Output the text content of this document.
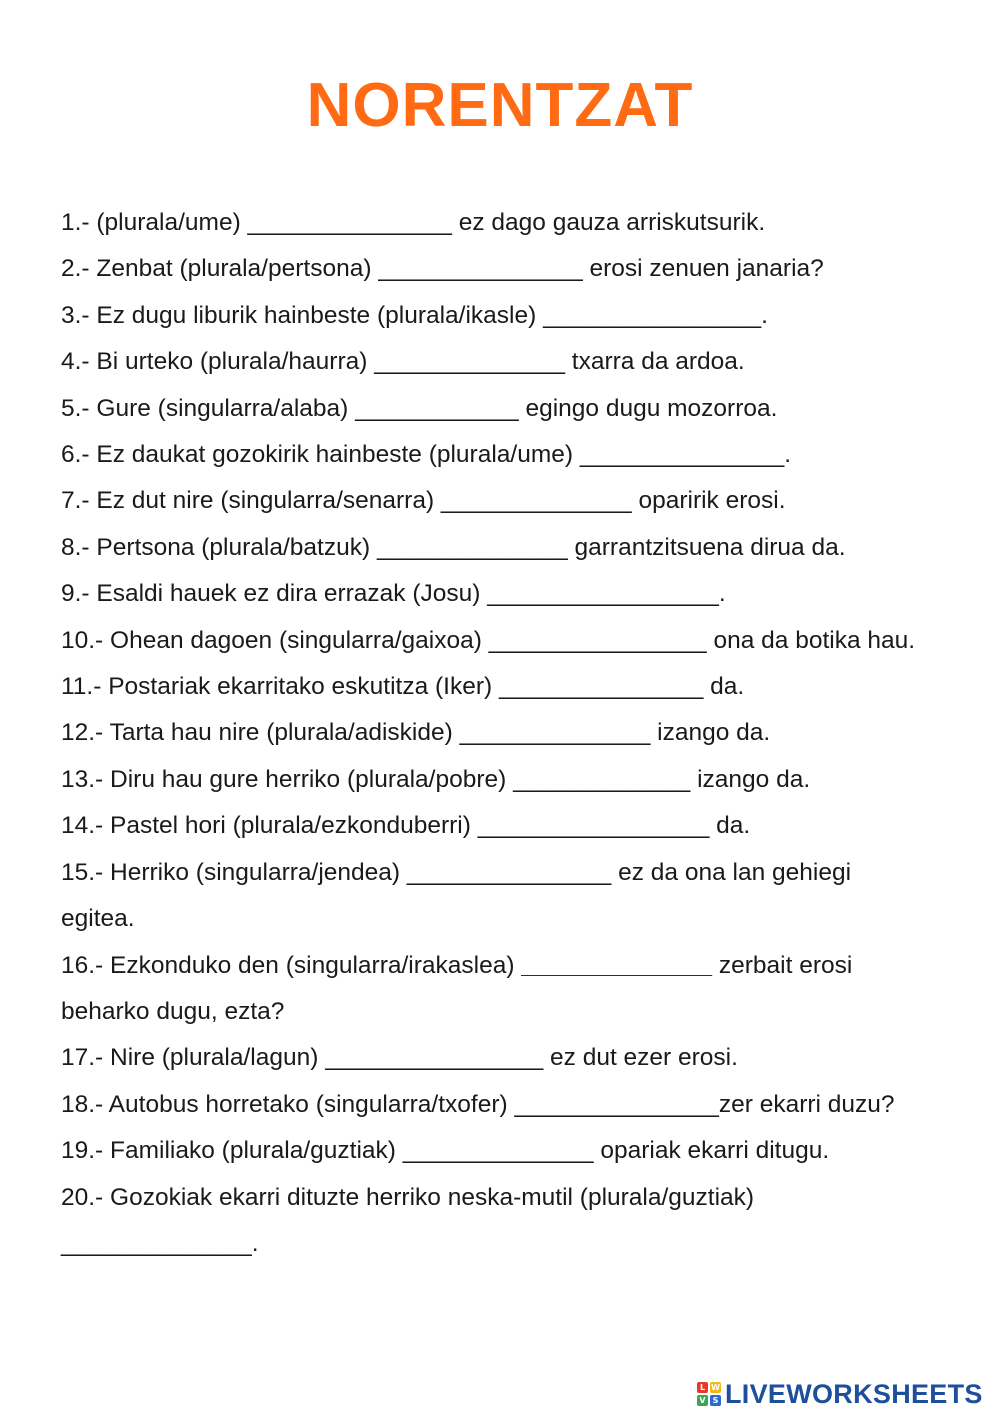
NORENTZAT

1.- (plurala/ume) _______________ ez dago gauza arriskutsurik.

2.- Zenbat (plurala/pertsona) _______________ erosi zenuen janaria?

3.- Ez dugu liburik hainbeste (plurala/ikasle) ________________.

4.- Bi urteko (plurala/haurra) ______________ txarra da ardoa.

5.- Gure (singularra/alaba) ____________ egingo dugu mozorroa.

6.- Ez daukat gozokirik hainbeste (plurala/ume) _______________.

7.- Ez dut nire (singularra/senarra) ______________ oparirik erosi.

8.- Pertsona (plurala/batzuk) ______________ garrantzitsuena dirua da.

9.- Esaldi hauek ez dira errazak (Josu) _________________.

10.- Ohean dagoen (singularra/gaixoa) ________________ ona da botika hau.

11.- Postariak ekarritako eskutitza (Iker) _______________ da.

12.- Tarta hau nire (plurala/adiskide) ______________ izango da.

13.- Diru hau gure herriko (plurala/pobre) _____________ izango da.

14.- Pastel hori (plurala/ezkonduberri) _________________ da.

15.- Herriko (singularra/jendea) _______________ ez da ona lan gehiegi egitea.

16.- Ezkonduko den (singularra/irakaslea) ______________ zerbait erosi beharko dugu, ezta?

17.- Nire (plurala/lagun) ________________ ez dut ezer erosi.

18.- Autobus horretako (singularra/txofer) _______________zer ekarri duzu?

19.- Familiako (plurala/guztiak) ______________ opariak ekarri ditugu.

20.- Gozokiak ekarri dituzte herriko neska-mutil (plurala/guztiak) ______________.

L W
V S LIVEWORKSHEETS
